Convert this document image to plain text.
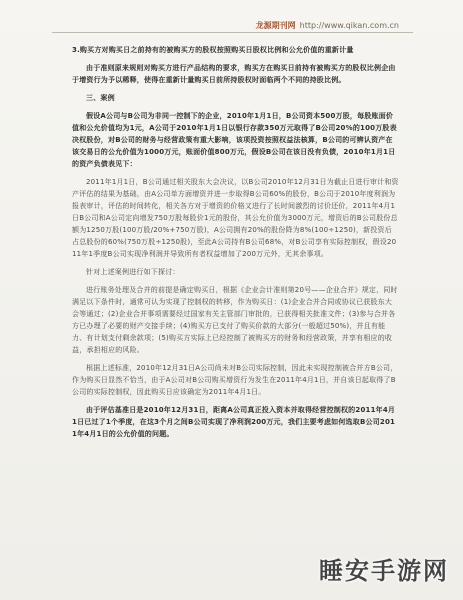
龙源期刊网 http://www.qikan.com.cn

3.购买方对购买日之前持有的被购买方的股权按照购买日股权比例和公允价值的重新计量

由于准则原来规则对购买方进行产品结构的要求，购买方在购买日前持有被购买方的股权比例企由于增资行为予以稀释，使得在重新计量购买日前所持股权时面临两个不同的持股比例。

三、案例

假设A公司与B公司为非同一控制下的企业，2010年1月1日，B公司资本500万股，每股账面价值和公允价值均为1元，A公司于2010年1月1日以银行存款350万元取得了B公司20%的100万股表决权股份，对B公司的财务与经营政策有重大影响，该项投资按照权益法核算，B公司的可辨认资产在该交易日的公允价值为1000万元，账面价值800万元，假设B公司在该日没有负债，2010年1月1日的资产负债表见下：

2011年1月1日，B公司通过相关股东大会决议，以B公司2010年12月31日为截止日进行审计和资产评估的结果为基础，由A公司单方面增资并进一步取得B公司60%的股份，B公司于2010年度利润为报表审计，评估的时间转化，相关各方对于增资的价格又进行了长时间激烈的讨价还价，2011年4月1日B公司和A公司定向增发750万股每股价1元的股份，其公允价值为3000万元，增资后的B公司股份总额为1250万股(100万股/20%+750万股)，A公司拥有20%的股份降为8%(100÷1250)，新投资后占总股份的60%(750万股÷1250股)，至此A公司持有B公司68%，对B公司享有实际控制权，假设2011年1季度B公司实现净利润并导致所有者权益增加了200万元外，无其余事项。

针对上述案例进行如下探讨：

进行账务处理及合并的前提是确定购买日，根据《企业会计准则第20号——企业合并》规定，同时满足以下条件时，通常可认为实现了控制权的转移，作为购买日：(1)企业合并合同或协议已获股东大会等通过；(2)企业合并事项需要经过国家有关主管部门审批的，已获得相关批准文件；(3)参与合并各方已办理了必要的财产交接手续；(4)购买方已支付了购买价款的大部分(一般超过50%)，并且有能力、有计划支付剩余款项；(5)购买方实际上已经控制了被购买方的财务和经营政策，并享有相应的收益，承担相应的风险。

根据上述标准，2010年12月31日A公司尚未对B公司实际控制，因此未实现控制被合并方B公司，作为购买日显然不恰当，由于A公司对B公司购买增资行为发生在2011年4月1日，并自该日起取得了B公司的实际控制权，因此购买日应该确定为2011年4月1日。

由于评估基准日是2010年12月31日，距离A公司真正投入资本并取得经营控制权的2011年4月1日已过了1个季度，在这3个月之间B公司实现了净利润200万元，我们主要考虑如何选取B公司2011年4月1日的公允价值的问题。

睡安手游网
